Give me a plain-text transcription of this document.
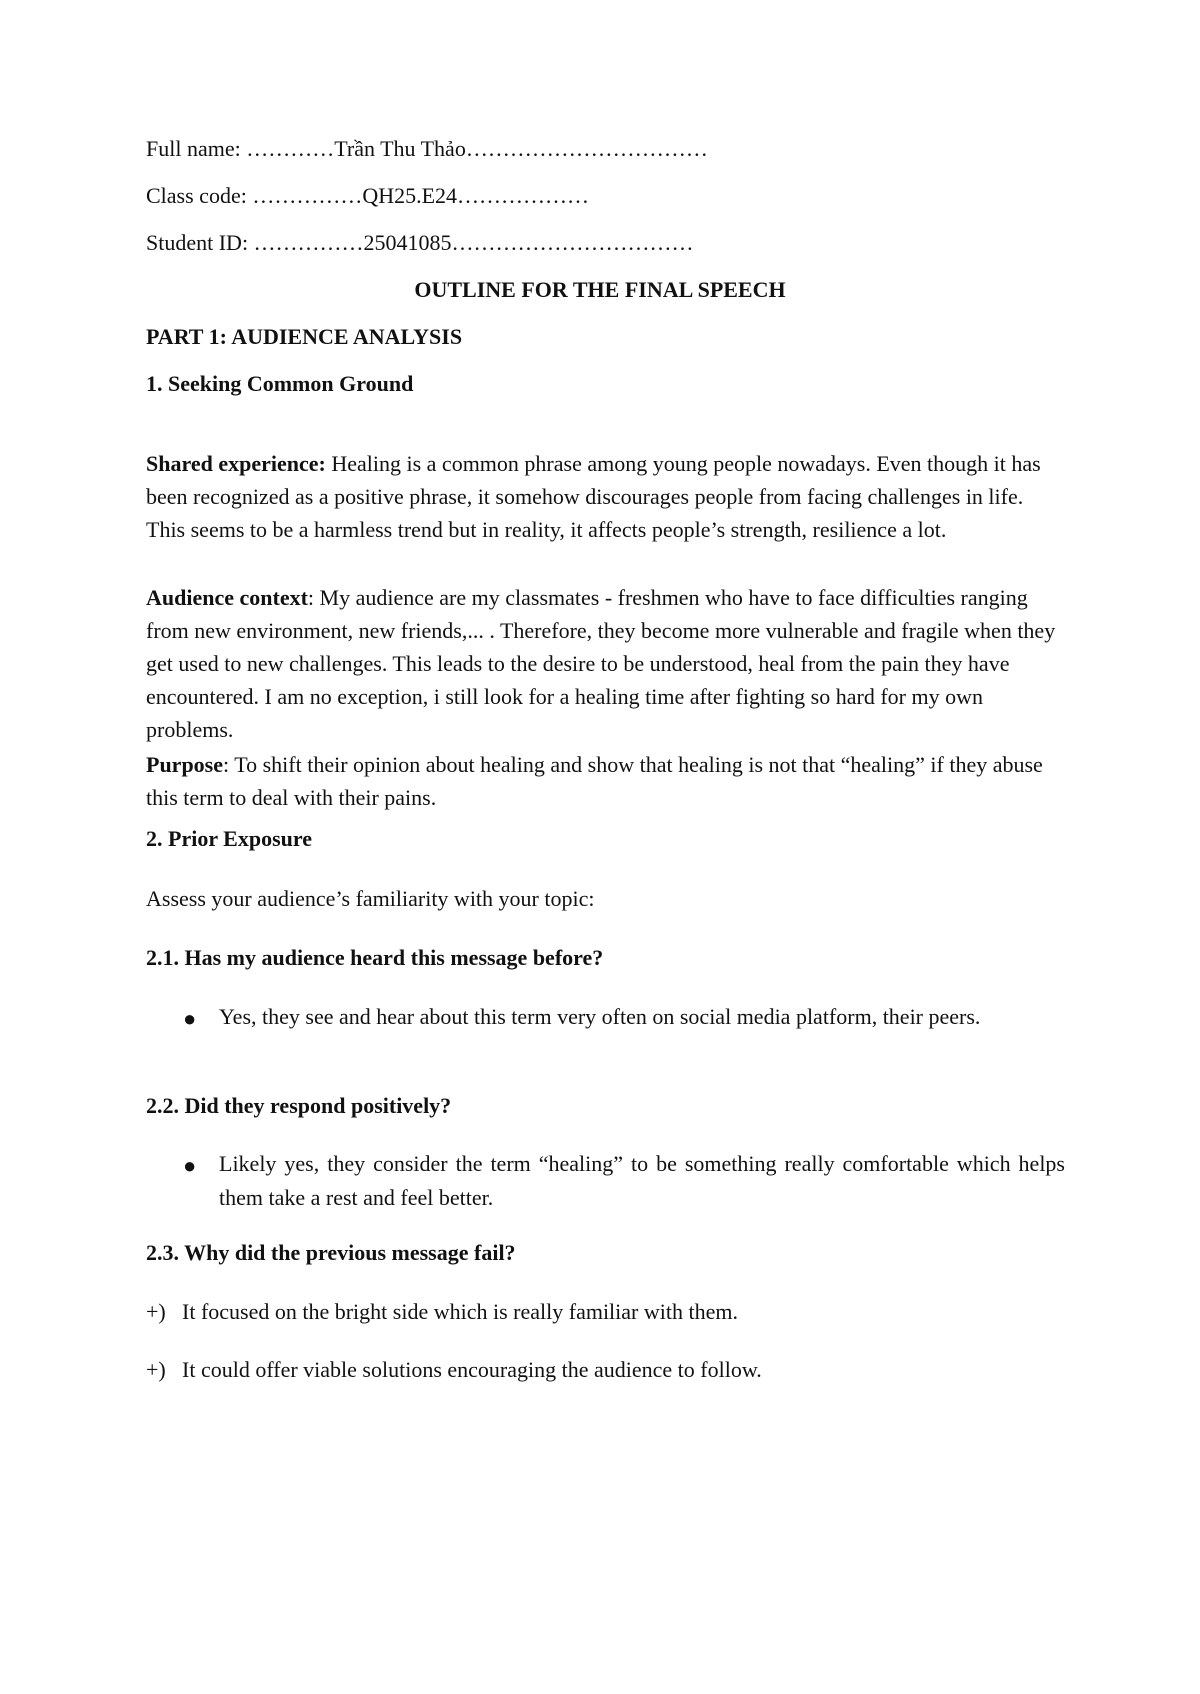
Full name: …………Trần Thu Thảo……………………………
Class code: ……………QH25.E24………………
Student ID: ……………25041085……………………………
OUTLINE FOR THE FINAL SPEECH
PART 1: AUDIENCE ANALYSIS
1. Seeking Common Ground

Shared experience: Healing is a common phrase among young people nowadays. Even though it has been recognized as a positive phrase, it somehow discourages people from facing challenges in life. This seems to be a harmless trend but in reality, it affects people’s strength, resilience a lot.

Audience context: My audience are my classmates - freshmen who have to face difficulties ranging from new environment, new friends,... . Therefore, they become more vulnerable and fragile when they get used to new challenges. This leads to the desire to be understood, heal from the pain they have encountered. I am no exception, i still look for a healing time after fighting so hard for my own problems.

Purpose: To shift their opinion about healing and show that healing is not that “healing” if they abuse this term to deal with their pains.

2. Prior Exposure
Assess your audience’s familiarity with your topic:
2.1. Has my audience heard this message before?
● Yes, they see and hear about this term very often on social media platform, their peers.
2.2. Did they respond positively?
● Likely yes, they consider the term “healing” to be something really comfortable which helps them take a rest and feel better.
2.3. Why did the previous message fail?
+) It focused on the bright side which is really familiar with them.
+) It could offer viable solutions encouraging the audience to follow.
